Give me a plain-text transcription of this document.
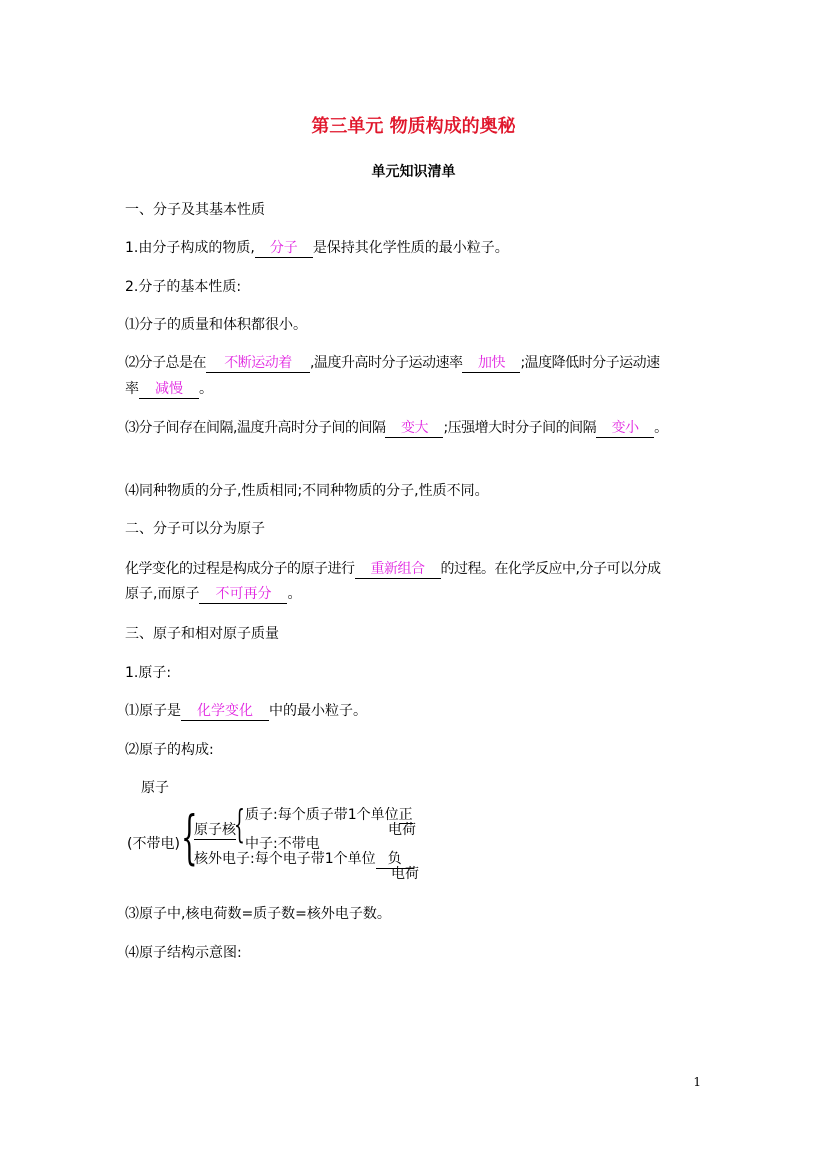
第三单元 物质构成的奥秘
单元知识清单
一、分子及其基本性质
1.由分子构成的物质, 分子 是保持其化学性质的最小粒子。
2.分子的基本性质:
⑴分子的质量和体积都很小。
⑵分子总是在 不断运动着 ,温度升高时分子运动速率 加快 ;温度降低时分子运动速
率 减慢 。
⑶分子间存在间隔,温度升高时分子间的间隔 变大 ;压强增大时分子间的间隔 变小 。
⑷同种物质的分子,性质相同;不同种物质的分子,性质不同。
二、分子可以分为原子
化学变化的过程是构成分子的原子进行 重新组合 的过程。在化学反应中,分子可以分成
原子,而原子 不可再分 。
三、原子和相对原子质量
1.原子:
⑴原子是 化学变化 中的最小粒子。
⑵原子的构成:
原子
(不带电) {
原子核
{ 质子:每个质子带1个单位正
电荷
中子:不带电
核外电子:每个电子带1个单位 负
电荷
⑶原子中,核电荷数=质子数=核外电子数。
⑷原子结构示意图:
1
